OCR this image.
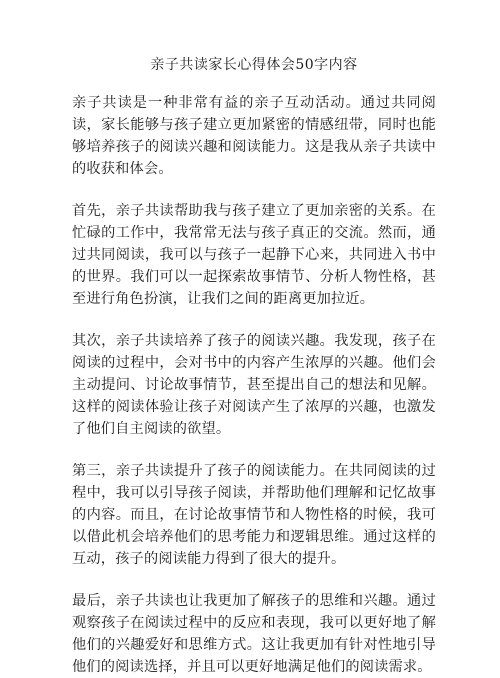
亲子共读家长心得体会50字内容

亲子共读是一种非常有益的亲子互动活动。通过共同阅读，家长能够与孩子建立更加紧密的情感纽带，同时也能够培养孩子的阅读兴趣和阅读能力。这是我从亲子共读中的收获和体会。

首先，亲子共读帮助我与孩子建立了更加亲密的关系。在忙碌的工作中，我常常无法与孩子真正的交流。然而，通过共同阅读，我可以与孩子一起静下心来，共同进入书中的世界。我们可以一起探索故事情节、分析人物性格，甚至进行角色扮演，让我们之间的距离更加拉近。

其次，亲子共读培养了孩子的阅读兴趣。我发现，孩子在阅读的过程中，会对书中的内容产生浓厚的兴趣。他们会主动提问、讨论故事情节，甚至提出自己的想法和见解。这样的阅读体验让孩子对阅读产生了浓厚的兴趣，也激发了他们自主阅读的欲望。

第三，亲子共读提升了孩子的阅读能力。在共同阅读的过程中，我可以引导孩子阅读，并帮助他们理解和记忆故事的内容。而且，在讨论故事情节和人物性格的时候，我可以借此机会培养他们的思考能力和逻辑思维。通过这样的互动，孩子的阅读能力得到了很大的提升。

最后，亲子共读也让我更加了解孩子的思维和兴趣。通过观察孩子在阅读过程中的反应和表现，我可以更好地了解他们的兴趣爱好和思维方式。这让我更加有针对性地引导他们的阅读选择，并且可以更好地满足他们的阅读需求。
